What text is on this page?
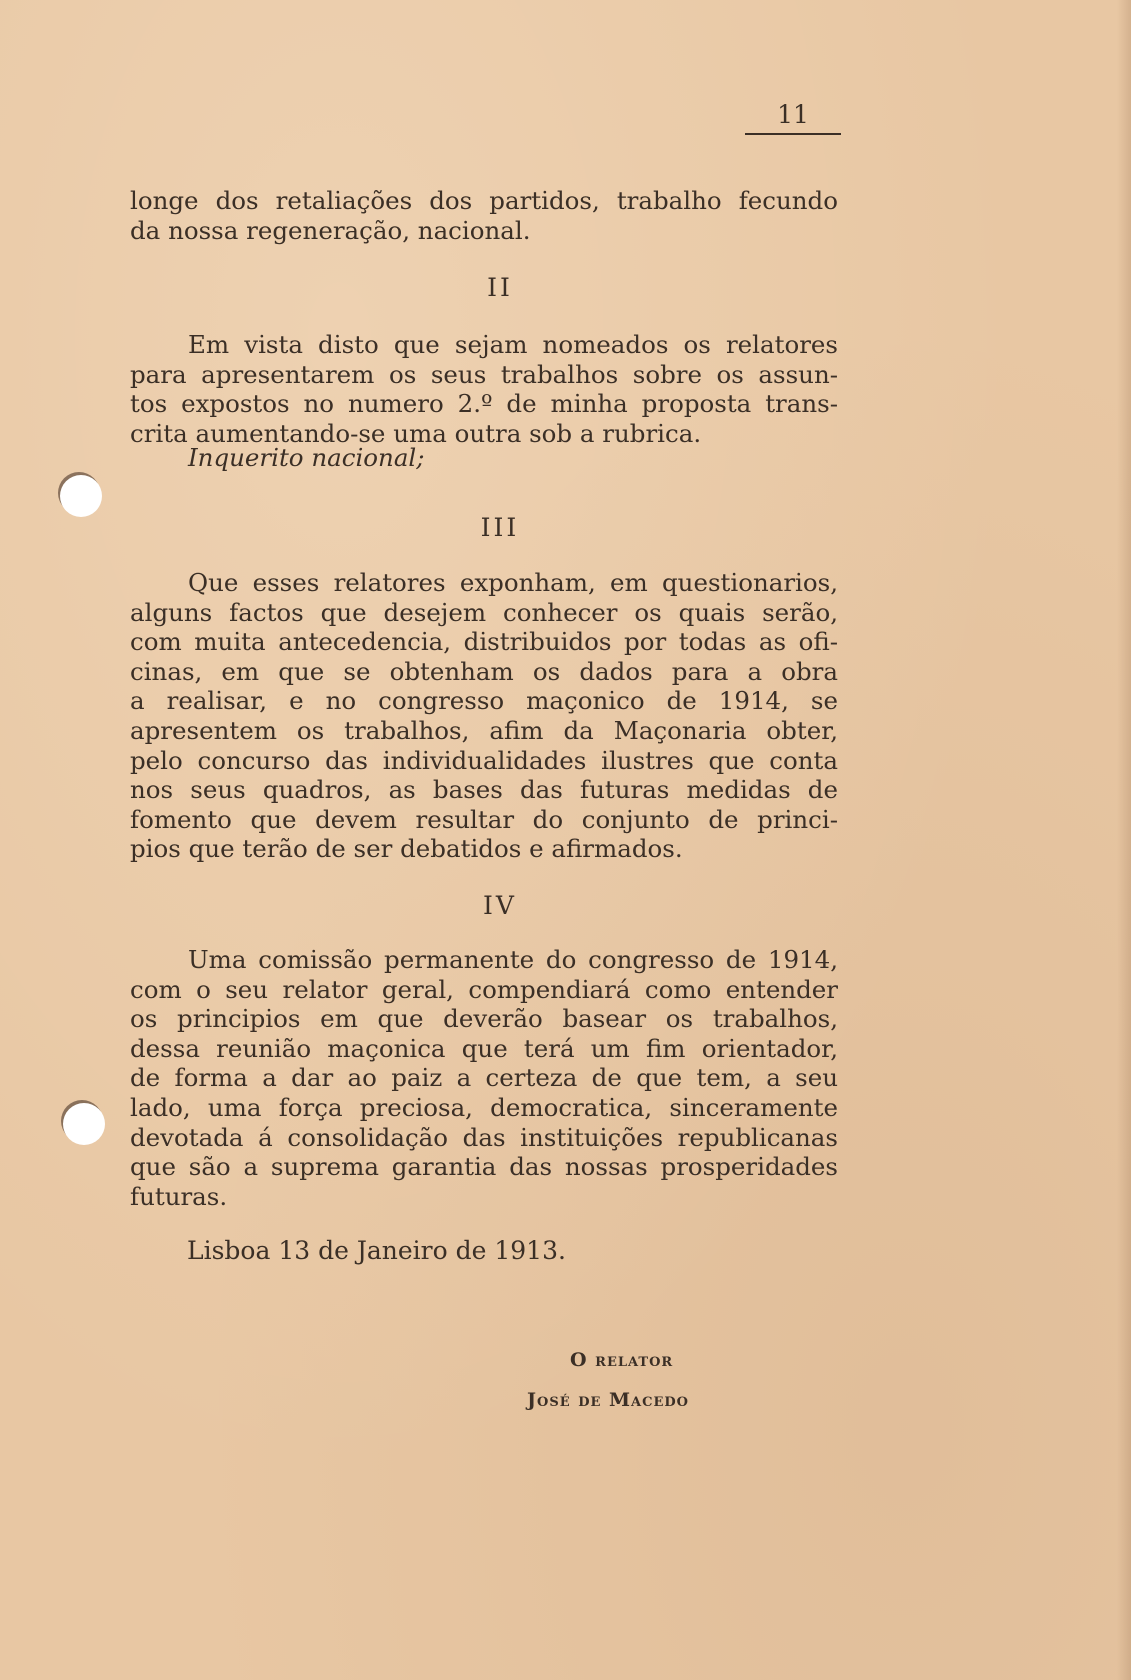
11
longe dos retaliações dos partidos, trabalho fecundo
da nossa regeneração, nacional.
II
Em vista disto que sejam nomeados os relatores
para apresentarem os seus trabalhos sobre os assun-
tos expostos no numero 2.º de minha proposta trans-
crita aumentando-se uma outra sob a rubrica.
Inquerito nacional;
III
Que esses relatores exponham, em questionarios,
alguns factos que desejem conhecer os quais serão,
com muita antecedencia, distribuidos por todas as ofi-
cinas, em que se obtenham os dados para a obra
a realisar, e no congresso maçonico de 1914, se
apresentem os trabalhos, afim da Maçonaria obter,
pelo concurso das individualidades ilustres que conta
nos seus quadros, as bases das futuras medidas de
fomento que devem resultar do conjunto de princi-
pios que terão de ser debatidos e afirmados.
IV
Uma comissão permanente do congresso de 1914,
com o seu relator geral, compendiará como entender
os principios em que deverão basear os trabalhos,
dessa reunião maçonica que terá um fim orientador,
de forma a dar ao paiz a certeza de que tem, a seu
lado, uma força preciosa, democratica, sinceramente
devotada á consolidação das instituições republicanas
que são a suprema garantia das nossas prosperidades
futuras.
Lisboa 13 de Janeiro de 1913.
O relator
José de Macedo
